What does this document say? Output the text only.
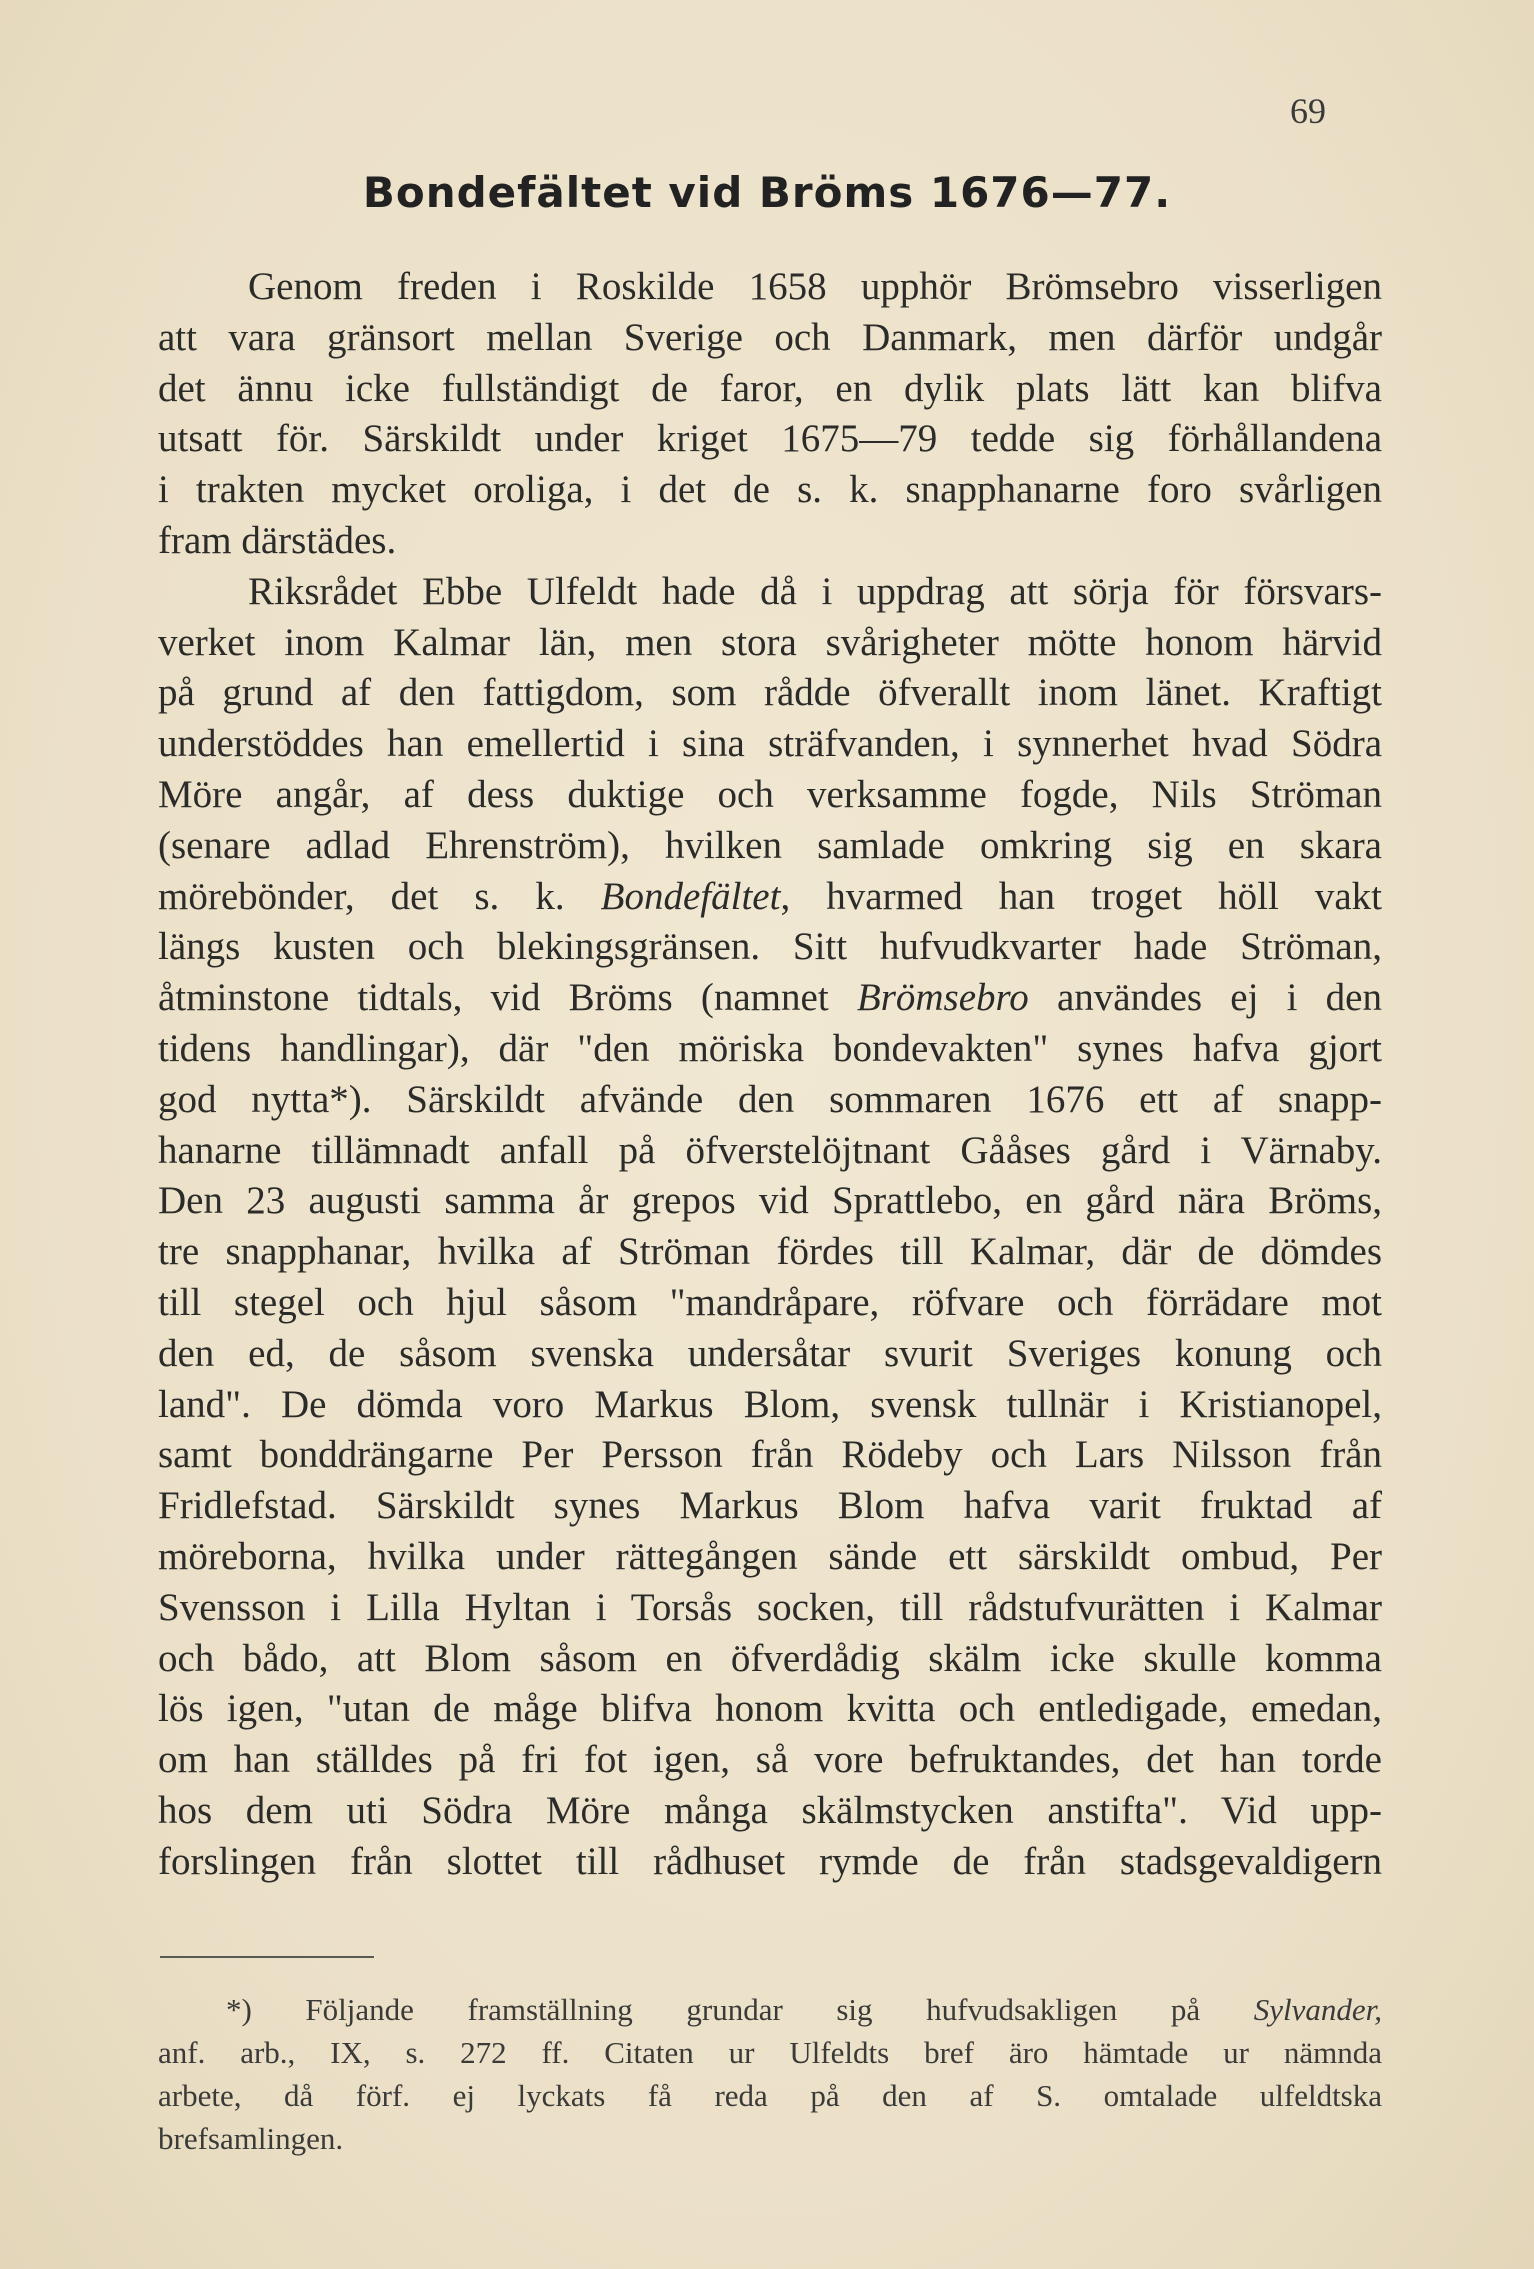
69
Bondefältet vid Bröms 1676—77.
Genom freden i Roskilde 1658 upphör Brömsebro visserligen
att vara gränsort mellan Sverige och Danmark, men därför undgår
det ännu icke fullständigt de faror, en dylik plats lätt kan blifva
utsatt för. Särskildt under kriget 1675—79 tedde sig förhållandena
i trakten mycket oroliga, i det de s. k. snapphanarne foro svårligen
fram därstädes.
Riksrådet Ebbe Ulfeldt hade då i uppdrag att sörja för försvars-
verket inom Kalmar län, men stora svårigheter mötte honom härvid
på grund af den fattigdom, som rådde öfverallt inom länet. Kraftigt
understöddes han emellertid i sina sträfvanden, i synnerhet hvad Södra
Möre angår, af dess duktige och verksamme fogde, Nils Ströman
(senare adlad Ehrenström), hvilken samlade omkring sig en skara
mörebönder, det s. k. Bondefältet, hvarmed han troget höll vakt
längs kusten och blekingsgränsen. Sitt hufvudkvarter hade Ströman,
åtminstone tidtals, vid Bröms (namnet Brömsebro användes ej i den
tidens handlingar), där "den möriska bondevakten" synes hafva gjort
god nytta*). Särskildt afvände den sommaren 1676 ett af snapp-
hanarne tillämnadt anfall på öfverstelöjtnant Gååses gård i Värnaby.
Den 23 augusti samma år grepos vid Sprattlebo, en gård nära Bröms,
tre snapphanar, hvilka af Ströman fördes till Kalmar, där de dömdes
till stegel och hjul såsom "mandråpare, röfvare och förrädare mot
den ed, de såsom svenska undersåtar svurit Sveriges konung och
land". De dömda voro Markus Blom, svensk tullnär i Kristianopel,
samt bonddrängarne Per Persson från Rödeby och Lars Nilsson från
Fridlefstad. Särskildt synes Markus Blom hafva varit fruktad af
möreborna, hvilka under rättegången sände ett särskildt ombud, Per
Svensson i Lilla Hyltan i Torsås socken, till rådstufvurätten i Kalmar
och bådo, att Blom såsom en öfverdådig skälm icke skulle komma
lös igen, "utan de måge blifva honom kvitta och entledigade, emedan,
om han ställdes på fri fot igen, så vore befruktandes, det han torde
hos dem uti Södra Möre många skälmstycken anstifta". Vid upp-
forslingen från slottet till rådhuset rymde de från stadsgevaldigern
*) Följande framställning grundar sig hufvudsakligen på Sylvander,
anf. arb., IX, s. 272 ff. Citaten ur Ulfeldts bref äro hämtade ur nämnda
arbete, då förf. ej lyckats få reda på den af S. omtalade ulfeldtska
brefsamlingen.
